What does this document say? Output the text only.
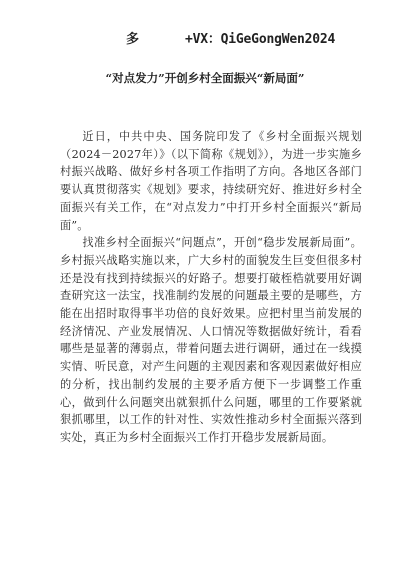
多	+VX：QiGeGongWen2024
“对点发力”开创乡村全面振兴“新局面”

近日，中共中央、国务院印发了《乡村全面振兴规划（2024－2027年）》（以下简称《规划》），为进一步实施乡村振兴战略、做好乡村各项工作指明了方向。各地区各部门要认真贯彻落实《规划》要求，持续研究好、推进好乡村全面振兴有关工作，在“对点发力”中打开乡村全面振兴“新局面”。

找准乡村全面振兴“问题点”，开创“稳步发展新局面”。乡村振兴战略实施以来，广大乡村的面貌发生巨变但很多村还是没有找到持续振兴的好路子。想要打破桎梏就要用好调查研究这一法宝，找准制约发展的问题最主要的是哪些，方能在出招时取得事半功倍的良好效果。应把村里当前发展的经济情况、产业发展情况、人口情况等数据做好统计，看看哪些是显著的薄弱点，带着问题去进行调研，通过在一线摸实情、听民意，对产生问题的主观因素和客观因素做好相应的分析，找出制约发展的主要矛盾方便下一步调整工作重心，做到什么问题突出就狠抓什么问题，哪里的工作要紧就狠抓哪里，以工作的针对性、实效性推动乡村全面振兴落到实处，真正为乡村全面振兴工作打开稳步发展新局面。
